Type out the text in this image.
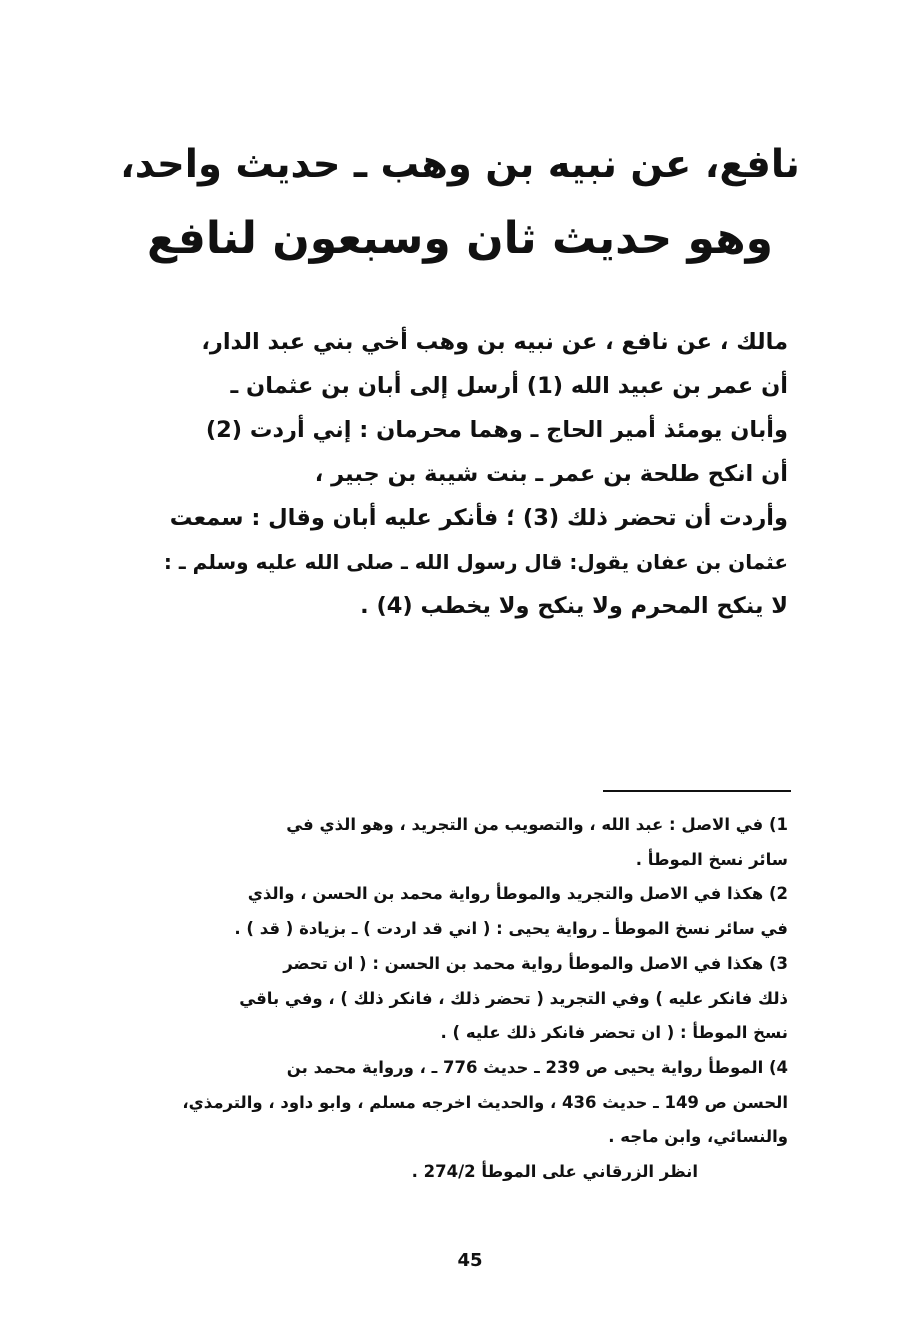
نافع، عن نبيه بن وهب ـ حديث واحد،
وهو حديث ثان وسبعون لنافع
مالك ، عن نافع ، عن نبيه بن وهب أخي بني عبد الدار،
أن عمر بن عبيد الله (1) أرسل إلى أبان بن عثمان ـ
وأبان يومئذ أمير الحاج ـ وهما محرمان : إني أردت (2)
أن انكح طلحة بن عمر ـ بنت شيبة بن جبير ،
وأردت أن تحضر ذلك (3) ؛ فأنكر عليه أبان وقال : سمعت
عثمان بن عفان يقول: قال رسول الله ـ صلى الله عليه وسلم ـ :
لا ينكح المحرم ولا ينكح ولا يخطب (4) .
1) في الاصل : عبد الله ، والتصويب من التجريد ، وهو الذي في
سائر نسخ الموطأ .
2) هكذا في الاصل والتجريد والموطأ رواية محمد بن الحسن ، والذي
في سائر نسخ الموطأ ـ رواية يحيى : ( اني قد اردت ) ـ بزيادة ( قد ) .
3) هكذا في الاصل والموطأ رواية محمد بن الحسن : ( ان تحضر
ذلك فانكر عليه ) وفي التجريد ( تحضر ذلك ، فانكر ذلك ) ، وفي باقي
نسخ الموطأ : ( ان تحضر فانكر ذلك عليه ) .
4) الموطأ رواية يحيى ص 239 ـ حديث 776 ـ ، ورواية محمد بن
الحسن ص 149 ـ حديث 436 ، والحديث اخرجه مسلم ، وابو داود ، والترمذي،
والنسائي، وابن ماجه .
انظر الزرقاني على الموطأ 274/2 .
45
